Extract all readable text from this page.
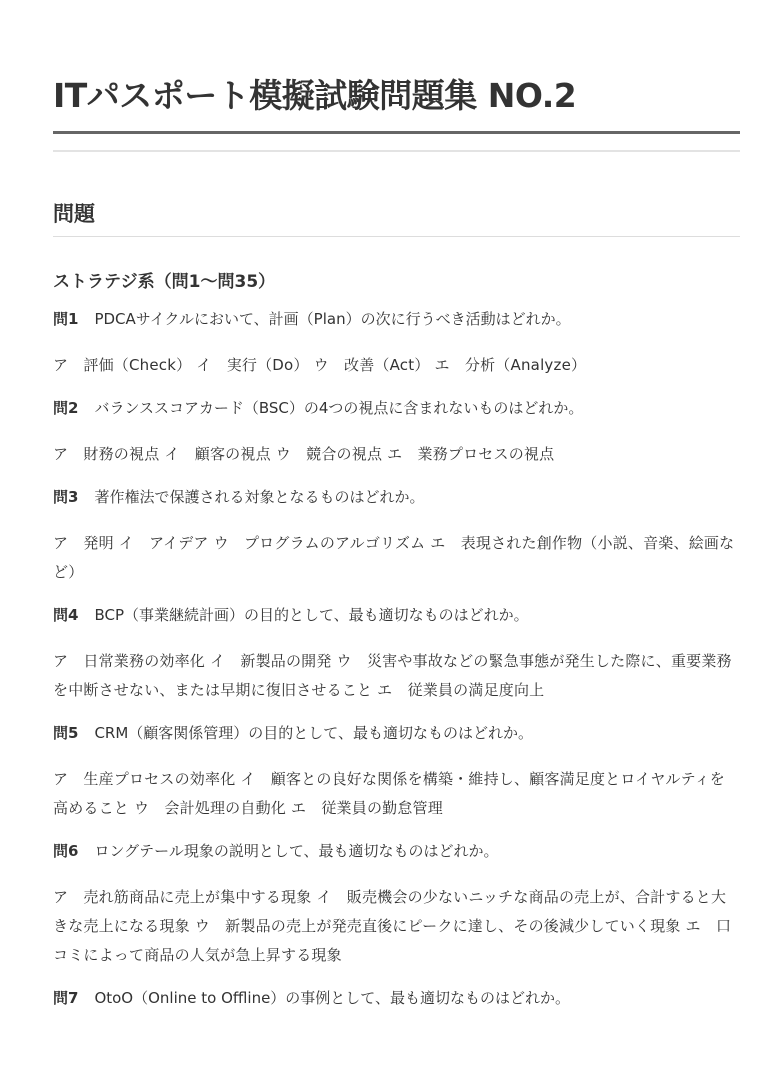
ITパスポート模擬試験問題集 NO.2
問題
ストラテジ系（問1〜問35）

問1 PDCAサイクルにおいて、計画（Plan）の次に行うべき活動はどれか。

ア　評価（Check） イ　実行（Do） ウ　改善（Act） エ　分析（Analyze）

問2 バランススコアカード（BSC）の4つの視点に含まれないものはどれか。

ア　財務の視点 イ　顧客の視点 ウ　競合の視点 エ　業務プロセスの視点

問3 著作権法で保護される対象となるものはどれか。

ア　発明 イ　アイデア ウ　プログラムのアルゴリズム エ　表現された創作物（小説、音楽、絵画など）

問4 BCP（事業継続計画）の目的として、最も適切なものはどれか。

ア　日常業務の効率化 イ　新製品の開発 ウ　災害や事故などの緊急事態が発生した際に、重要業務を中断させない、または早期に復旧させること エ　従業員の満足度向上

問5 CRM（顧客関係管理）の目的として、最も適切なものはどれか。

ア　生産プロセスの効率化 イ　顧客との良好な関係を構築・維持し、顧客満足度とロイヤルティを高めること ウ　会計処理の自動化 エ　従業員の勤怠管理

問6 ロングテール現象の説明として、最も適切なものはどれか。

ア　売れ筋商品に売上が集中する現象 イ　販売機会の少ないニッチな商品の売上が、合計すると大きな売上になる現象 ウ　新製品の売上が発売直後にピークに達し、その後減少していく現象 エ　口コミによって商品の人気が急上昇する現象

問7 OtoO（Online to Offline）の事例として、最も適切なものはどれか。
